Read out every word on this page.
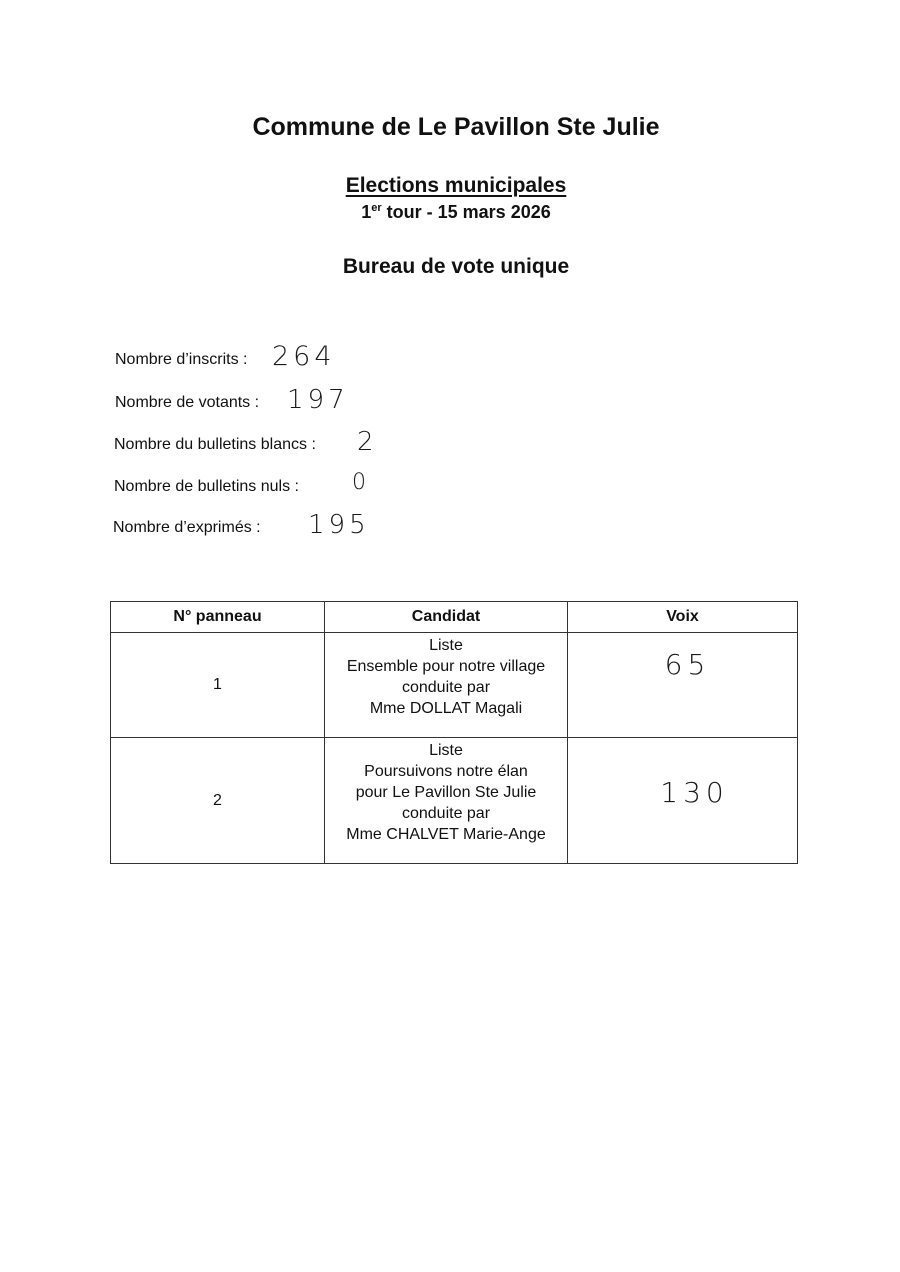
Commune de Le Pavillon Ste Julie
Elections municipales
1er tour - 15 mars 2026
Bureau de vote unique
Nombre d’inscrits : 264
Nombre de votants : 197
Nombre du bulletins blancs : 2
Nombre de bulletins nuls : 0
Nombre d’exprimés : 195
N° panneau	Candidat	Voix
1	Liste
Ensemble pour notre village
conduite par
Mme DOLLAT Magali	65
2	Liste
Poursuivons notre élan
pour Le Pavillon Ste Julie
conduite par
Mme CHALVET Marie-Ange	130
